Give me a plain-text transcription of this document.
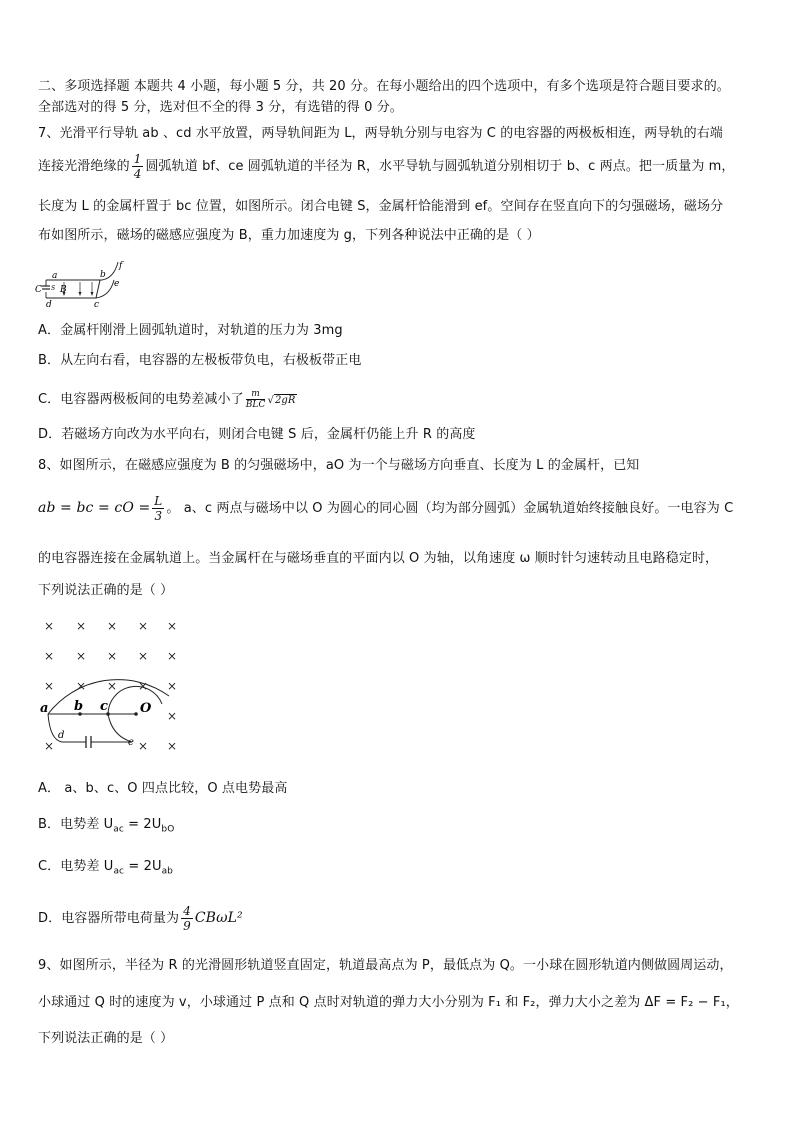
二、多项选择题 本题共 4 小题，每小题 5 分，共 20 分。在每小题给出的四个选项中，有多个选项是符合题目要求的。
全部选对的得 5 分，选对但不全的得 3 分，有选错的得 0 分。
7、光滑平行导轨 ab 、cd 水平放置，两导轨间距为 L，两导轨分别与电容为 C 的电容器的两极板相连，两导轨的右端
连接光滑绝缘的 $\frac{1}{4}$ 圆弧轨道 bf、ce 圆弧轨道的半径为 R，水平导轨与圆弧轨道分别相切于 b、c 两点。把一质量为 m，
长度为 L 的金属杆置于 bc 位置，如图所示。闭合电键 S，金属杆恰能滑到 ef。空间存在竖直向下的匀强磁场，磁场分
布如图所示，磁场的磁感应强度为 B，重力加速度为 g，下列各种说法中正确的是（ ）
a	b
c
d
e
f
C S B
A．金属杆刚滑上圆弧轨道时，对轨道的压力为 3mg
B．从左向右看，电容器的左极板带负电，右极板带正电
C．电容器两极板间的电势差减小了 $\frac{m}{\text{BLC}} √2gR$
D．若磁场方向改为水平向右，则闭合电键 S 后，金属杆仍能上升 R 的高度
8、如图所示，在磁感应强度为 B 的匀强磁场中，aO 为一个与磁场方向垂直、长度为 L 的金属杆，已知
ab = bc = cO = $\frac{L}{3}$ 。 a、c 两点与磁场中以 O 为圆心的同心圆（均为部分圆弧）金属轨道始终接触良好。一电容为 C
的电容器连接在金属轨道上。当金属杆在与磁场垂直的平面内以 O 为轴，以角速度 ω 顺时针匀速转动且电路稳定时，
下列说法正确的是（ ）
× × × × ×
× × × × ×
× × × × ×
×
×	× ×
a b c O
d
e
A． a、b、c、O 四点比较，O 点电势最高
B．电势差 $U_{ac} = 2U_{bO}$
C．电势差 $U_{ac} = 2U_{ab}$
D．电容器所带电荷量为 $\frac{4}{9} CB\omega L^2$
9、如图所示，半径为 R 的光滑圆形轨道竖直固定，轨道最高点为 P，最低点为 Q。一小球在圆形轨道内侧做圆周运动，
小球通过 Q 时的速度为 v，小球通过 P 点和 Q 点时对轨道的弹力大小分别为 F₁ 和 F₂，弹力大小之差为 ΔF = F₂ − F₁，
下列说法正确的是（ ）
